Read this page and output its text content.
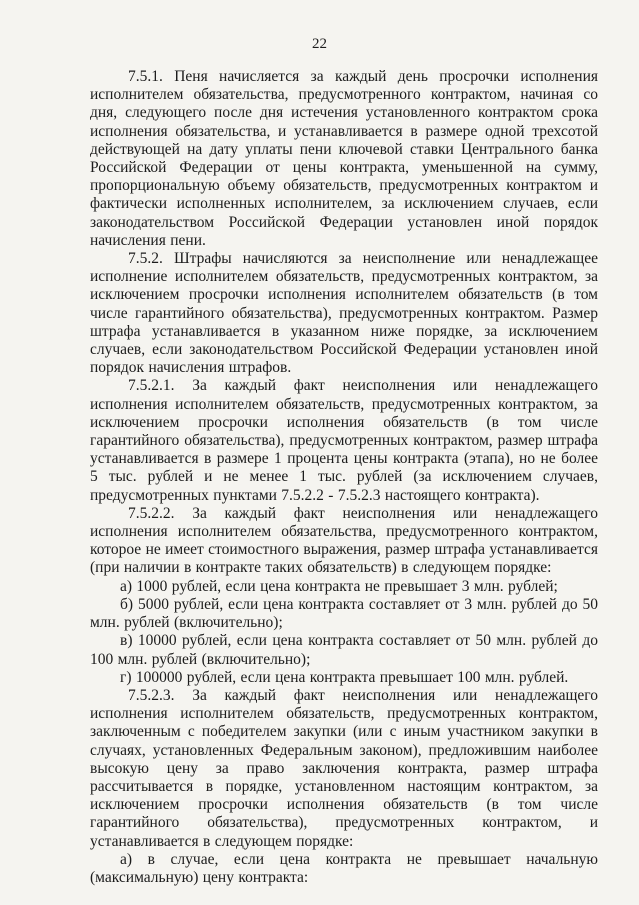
22

7.5.1. Пеня начисляется за каждый день просрочки исполнения исполнителем обязательства, предусмотренного контрактом, начиная со дня, следующего после дня истечения установленного контрактом срока исполнения обязательства, и устанавливается в размере одной трехсотой действующей на дату уплаты пени ключевой ставки Центрального банка Российской Федерации от цены контракта, уменьшенной на сумму, пропорциональную объему обязательств, предусмотренных контрактом и фактически исполненных исполнителем, за исключением случаев, если законодательством Российской Федерации установлен иной порядок начисления пени.

7.5.2. Штрафы начисляются за неисполнение или ненадлежащее исполнение исполнителем обязательств, предусмотренных контрактом, за исключением просрочки исполнения исполнителем обязательств (в том числе гарантийного обязательства), предусмотренных контрактом. Размер штрафа устанавливается в указанном ниже порядке, за исключением случаев, если законодательством Российской Федерации установлен иной порядок начисления штрафов.

7.5.2.1. За каждый факт неисполнения или ненадлежащего исполнения исполнителем обязательств, предусмотренных контрактом, за исключением просрочки исполнения обязательств (в том числе гарантийного обязательства), предусмотренных контрактом, размер штрафа устанавливается в размере 1 процента цены контракта (этапа), но не более 5 тыс. рублей и не менее 1 тыс. рублей (за исключением случаев, предусмотренных пунктами 7.5.2.2 - 7.5.2.3 настоящего контракта).

7.5.2.2. За каждый факт неисполнения или ненадлежащего исполнения исполнителем обязательства, предусмотренного контрактом, которое не имеет стоимостного выражения, размер штрафа устанавливается (при наличии в контракте таких обязательств) в следующем порядке:

а) 1000 рублей, если цена контракта не превышает 3 млн. рублей;

б) 5000 рублей, если цена контракта составляет от 3 млн. рублей до 50 млн. рублей (включительно);

в) 10000 рублей, если цена контракта составляет от 50 млн. рублей до 100 млн. рублей (включительно);

г) 100000 рублей, если цена контракта превышает 100 млн. рублей.

7.5.2.3. За каждый факт неисполнения или ненадлежащего исполнения исполнителем обязательств, предусмотренных контрактом, заключенным с победителем закупки (или с иным участником закупки в случаях, установленных Федеральным законом), предложившим наиболее высокую цену за право заключения контракта, размер штрафа рассчитывается в порядке, установленном настоящим контрактом, за исключением просрочки исполнения обязательств (в том числе гарантийного обязательства), предусмотренных контрактом, и устанавливается в следующем порядке:

а) в случае, если цена контракта не превышает начальную (максимальную) цену контракта:
